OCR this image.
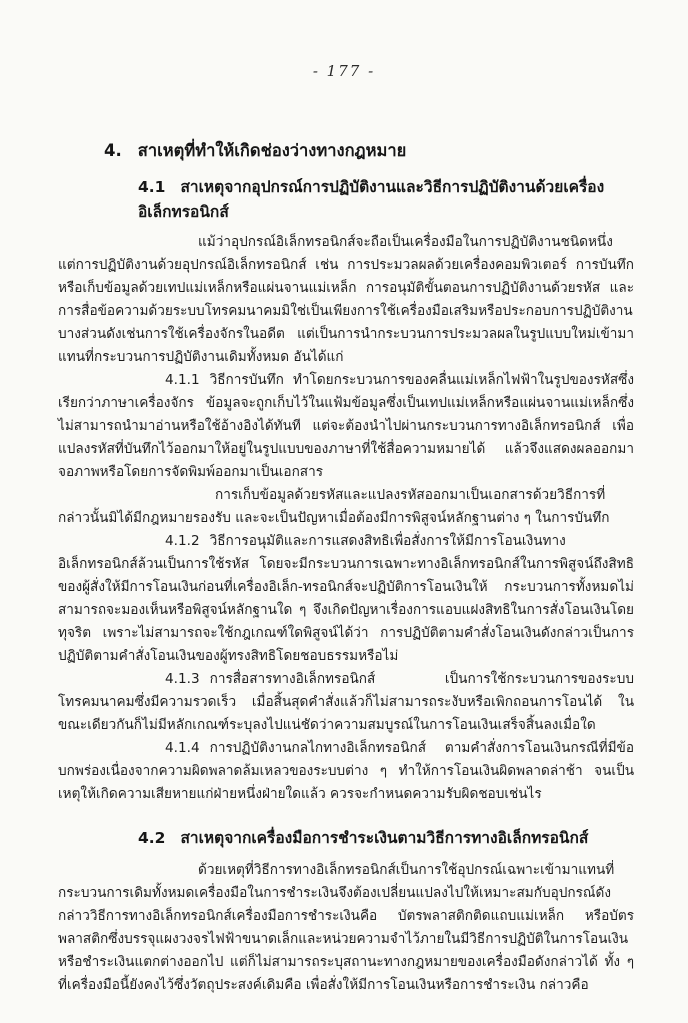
- 177 -
4. สาเหตุที่ทำให้เกิดช่องว่างทางกฎหมาย
4.1 สาเหตุจากอุปกรณ์การปฏิบัติงานและวิธีการปฏิบัติงานด้วยเครื่องอิเล็กทรอนิกส์

แม้ว่าอุปกรณ์อิเล็กทรอนิกส์จะถือเป็นเครื่องมือในการปฏิบัติงานชนิดหนึ่ง แต่การปฏิบัติงานด้วยอุปกรณ์อิเล็กทรอนิกส์ เช่น การประมวลผลด้วยเครื่องคอมพิวเตอร์ การบันทึกหรือเก็บข้อมูลด้วยเทปแม่เหล็กหรือแผ่นจานแม่เหล็ก การอนุมัติขั้นตอนการปฏิบัติงานด้วยรหัส และการสื่อข้อความด้วยระบบโทรคมนาคมมิใช่เป็นเพียงการใช้เครื่องมือเสริมหรือประกอบการปฏิบัติงานบางส่วนดังเช่นการใช้เครื่องจักรในอดีต แต่เป็นการนำกระบวนการประมวลผลในรูปแบบใหม่เข้ามาแทนที่กระบวนการปฏิบัติงานเดิมทั้งหมด อันได้แก่

4.1.1 วิธีการบันทึก ทำโดยกระบวนการของคลื่นแม่เหล็กไฟฟ้าในรูปของรหัสซึ่งเรียกว่าภาษาเครื่องจักร ข้อมูลจะถูกเก็บไว้ในแฟ้มข้อมูลซึ่งเป็นเทปแม่เหล็กหรือแผ่นจานแม่เหล็กซึ่งไม่สามารถนำมาอ่านหรือใช้อ้างอิงได้ทันที แต่จะต้องนำไปผ่านกระบวนการทางอิเล็กทรอนิกส์ เพื่อแปลงรหัสที่บันทึกไว้ออกมาให้อยู่ในรูปแบบของภาษาที่ใช้สื่อความหมายได้ แล้วจึงแสดงผลออกมาจอภาพหรือโดยการจัดพิมพ์ออกมาเป็นเอกสาร

การเก็บข้อมูลด้วยรหัสและแปลงรหัสออกมาเป็นเอกสารด้วยวิธีการที่กล่าวนั้นมิได้มีกฎหมายรองรับ และจะเป็นปัญหาเมื่อต้องมีการพิสูจน์หลักฐานต่าง ๆ ในการบันทึก

4.1.2 วิธีการอนุมัติและการแสดงสิทธิเพื่อสั่งการให้มีการโอนเงินทางอิเล็กทรอนิกส์ล้วนเป็นการใช้รหัส โดยจะมีกระบวนการเฉพาะทางอิเล็กทรอนิกส์ในการพิสูจน์ถึงสิทธิของผู้สั่งให้มีการโอนเงินก่อนที่เครื่องอิเล็ก-ทรอนิกส์จะปฏิบัติการโอนเงินให้ กระบวนการทั้งหมดไม่สามารถจะมองเห็นหรือพิสูจน์หลักฐานใด ๆ จึงเกิดปัญหาเรื่องการแอบแฝงสิทธิในการสั่งโอนเงินโดยทุจริต เพราะไม่สามารถจะใช้กฎเกณฑ์ใดพิสูจน์ได้ว่า การปฏิบัติตามคำสั่งโอนเงินดังกล่าวเป็นการปฏิบัติตามคำสั่งโอนเงินของผู้ทรงสิทธิโดยชอบธรรมหรือไม่

4.1.3 การสื่อสารทางอิเล็กทรอนิกส์ เป็นการใช้กระบวนการของระบบโทรคมนาคมซึ่งมีความรวดเร็ว เมื่อสิ้นสุดคำสั่งแล้วก็ไม่สามารถระงับหรือเพิกถอนการโอนได้ ในขณะเดียวกันก็ไม่มีหลักเกณฑ์ระบุลงไปแน่ชัดว่าความสมบูรณ์ในการโอนเงินเสร็จสิ้นลงเมื่อใด

4.1.4 การปฏิบัติงานกลไกทางอิเล็กทรอนิกส์ ตามคำสั่งการโอนเงินกรณีที่มีข้อบกพร่องเนื่องจากความผิดพลาดล้มเหลวของระบบต่าง ๆ ทำให้การโอนเงินผิดพลาดล่าช้า จนเป็นเหตุให้เกิดความเสียหายแก่ฝ่ายหนึ่งฝ่ายใดแล้ว ควรจะกำหนดความรับผิดชอบเช่นไร

4.2 สาเหตุจากเครื่องมือการชำระเงินตามวิธีการทางอิเล็กทรอนิกส์

ด้วยเหตุที่วิธีการทางอิเล็กทรอนิกส์เป็นการใช้อุปกรณ์เฉพาะเข้ามาแทนที่กระบวนการเดิมทั้งหมดเครื่องมือในการชำระเงินจึงต้องเปลี่ยนแปลงไปให้เหมาะสมกับอุปกรณ์ดังกล่าววิธีการทางอิเล็กทรอนิกส์เครื่องมือการชำระเงินคือ บัตรพลาสติกติดแถบแม่เหล็ก หรือบัตรพลาสติกซึ่งบรรจุแผงวงจรไฟฟ้าขนาดเล็กและหน่วยความจำไว้ภายในมีวิธีการปฏิบัติในการโอนเงินหรือชำระเงินแตกต่างออกไป แต่ก็ไม่สามารถระบุสถานะทางกฎหมายของเครื่องมือดังกล่าวได้ ทั้ง ๆ ที่เครื่องมือนี้ยังคงไว้ซึ่งวัตถุประสงค์เดิมคือ เพื่อสั่งให้มีการโอนเงินหรือการชำระเงิน กล่าวคือ
